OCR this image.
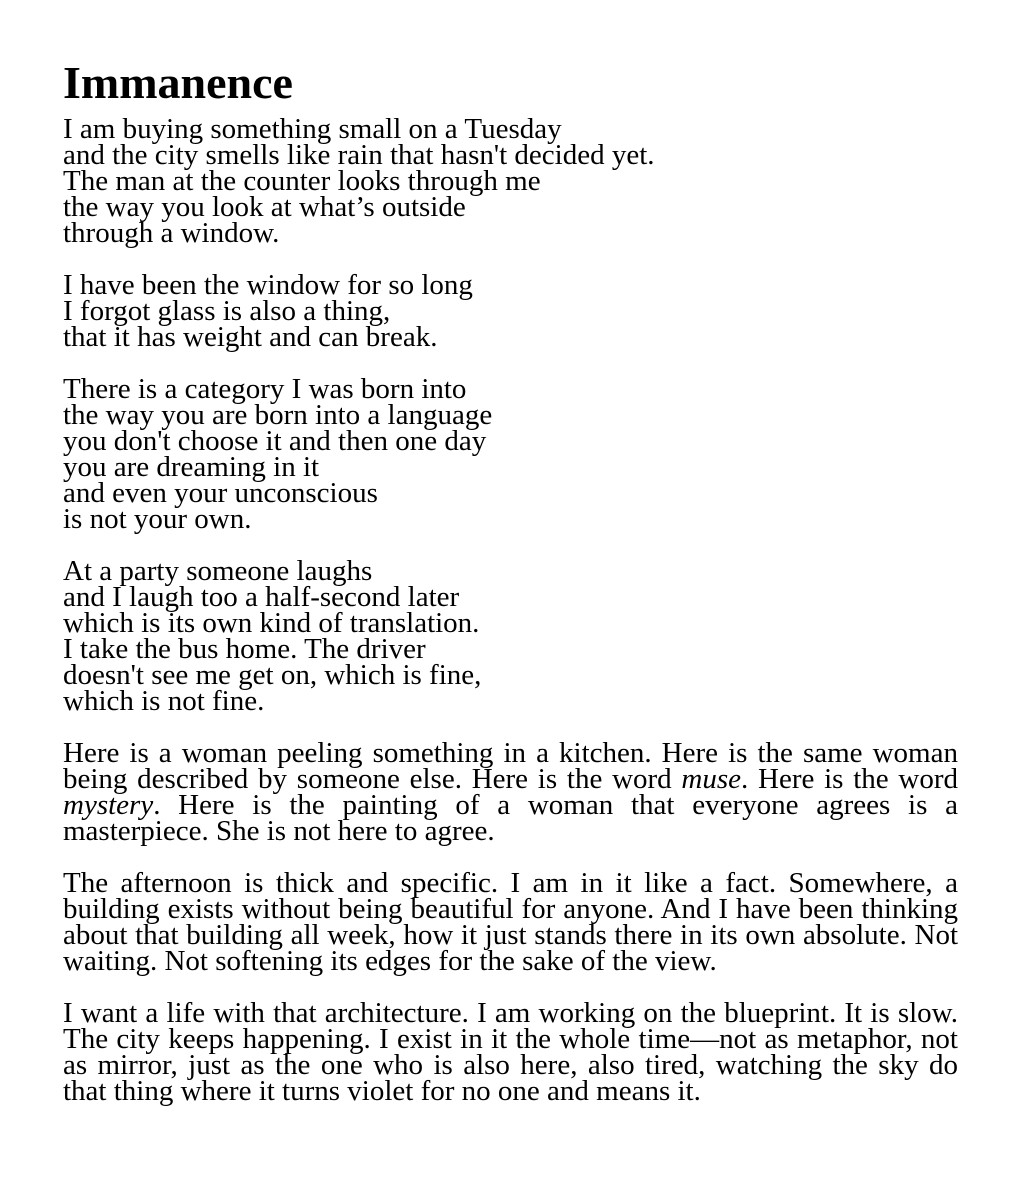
Immanence
I am buying something small on a Tuesday
and the city smells like rain that hasn't decided yet.
The man at the counter looks through me
the way you look at what’s outside
through a window.
I have been the window for so long
I forgot glass is also a thing,
that it has weight and can break.
There is a category I was born into
the way you are born into a language
you don't choose it and then one day
you are dreaming in it
and even your unconscious
is not your own.
At a party someone laughs
and I laugh too a half-second later
which is its own kind of translation.
I take the bus home. The driver
doesn't see me get on, which is fine,
which is not fine.

Here is a woman peeling something in a kitchen. Here is the same woman being described by someone else. Here is the word muse. Here is the word mystery. Here is the painting of a woman that everyone agrees is a masterpiece. She is not here to agree.

The afternoon is thick and specific. I am in it like a fact. Somewhere, a building exists without being beautiful for anyone. And I have been thinking about that building all week, how it just stands there in its own absolute. Not waiting. Not softening its edges for the sake of the view.

I want a life with that architecture. I am working on the blueprint. It is slow. The city keeps happening. I exist in it the whole time—not as metaphor, not as mirror, just as the one who is also here, also tired, watching the sky do that thing where it turns violet for no one and means it.
